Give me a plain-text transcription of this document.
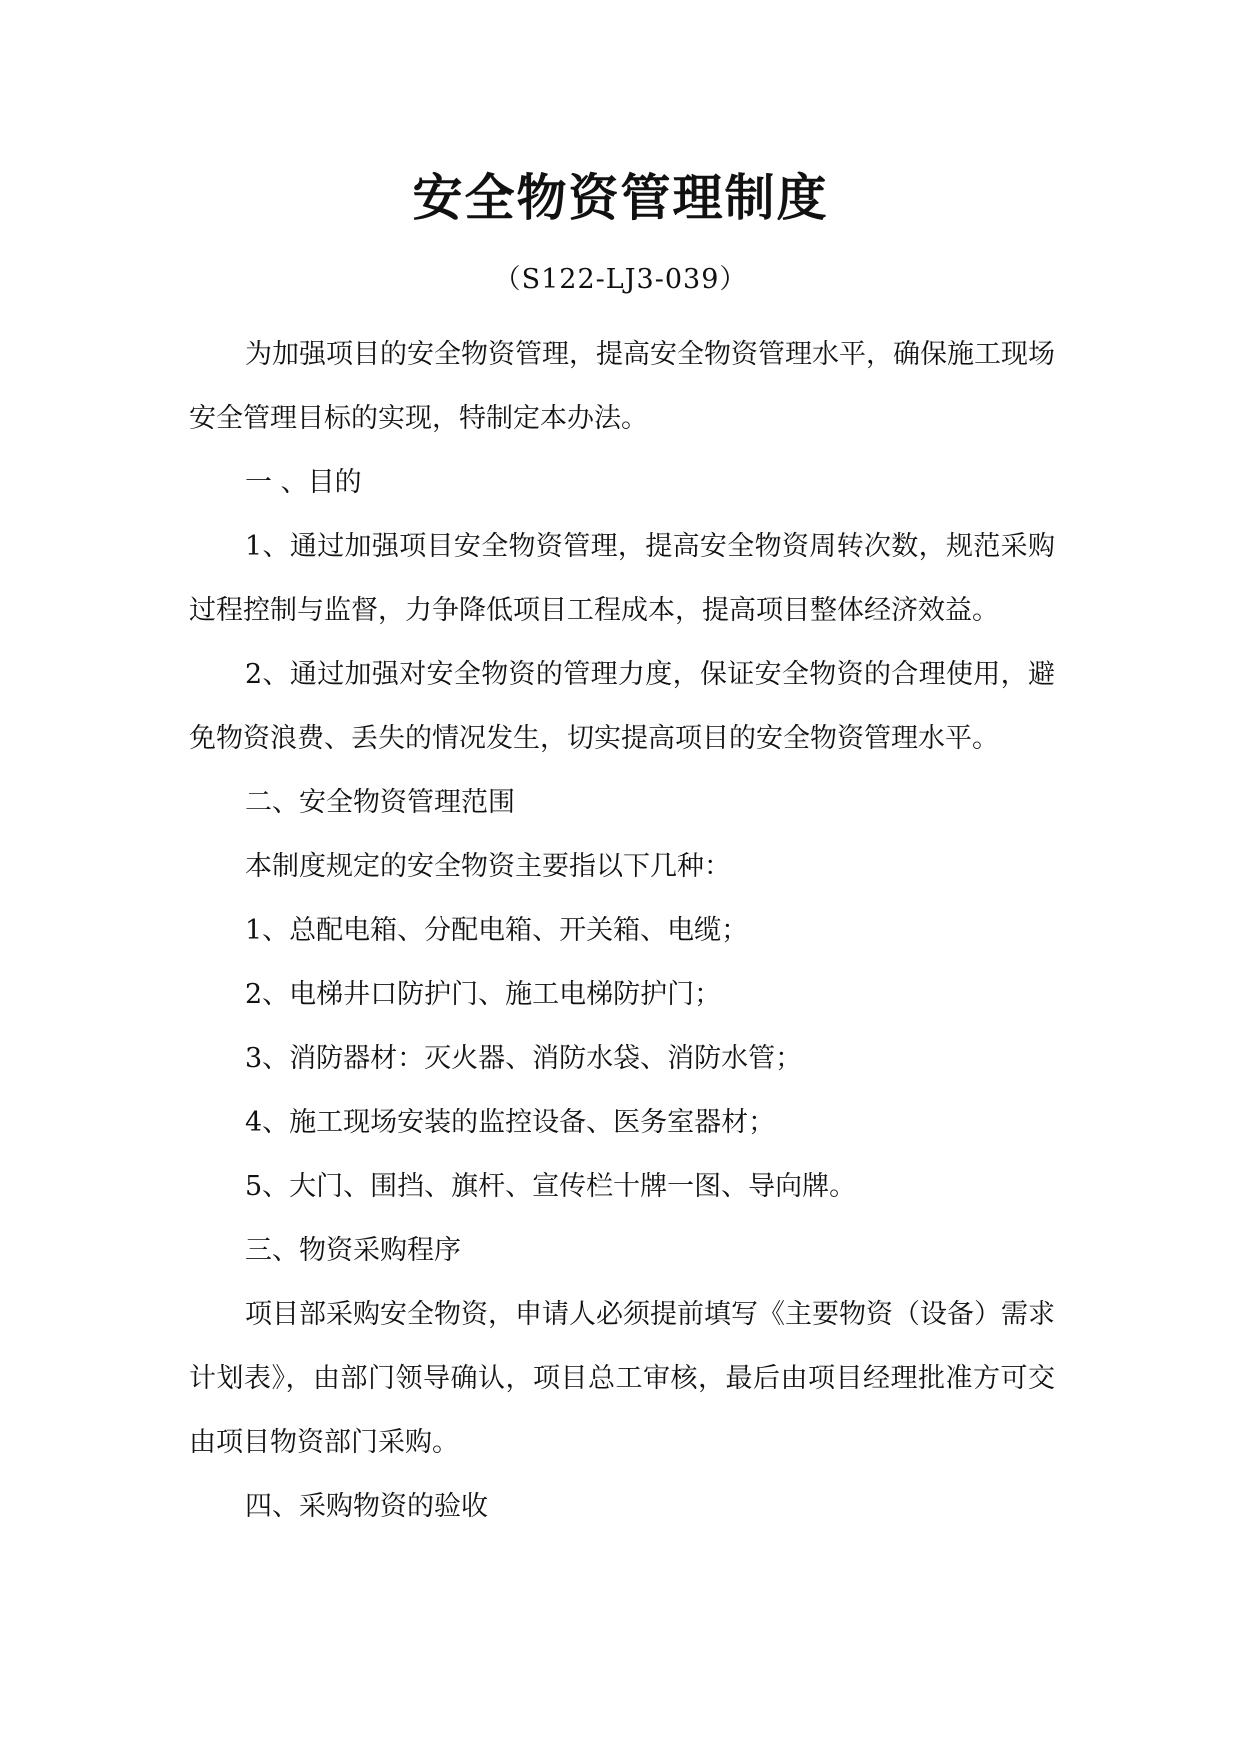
安全物资管理制度
（S122-LJ3-039）

为加强项目的安全物资管理，提高安全物资管理水平，确保施工现场安全管理目标的实现，特制定本办法。

一 、目的

1、通过加强项目安全物资管理，提高安全物资周转次数，规范采购过程控制与监督，力争降低项目工程成本，提高项目整体经济效益。

2、通过加强对安全物资的管理力度，保证安全物资的合理使用，避免物资浪费、丢失的情况发生，切实提高项目的安全物资管理水平。

二、安全物资管理范围

本制度规定的安全物资主要指以下几种：

1、总配电箱、分配电箱、开关箱、电缆；

2、电梯井口防护门、施工电梯防护门；

3、消防器材：灭火器、消防水袋、消防水管；

4、施工现场安装的监控设备、医务室器材；

5、大门、围挡、旗杆、宣传栏十牌一图、导向牌。

三、物资采购程序

项目部采购安全物资，申请人必须提前填写《主要物资（设备）需求计划表》，由部门领导确认，项目总工审核，最后由项目经理批准方可交由项目物资部门采购。

四、采购物资的验收
